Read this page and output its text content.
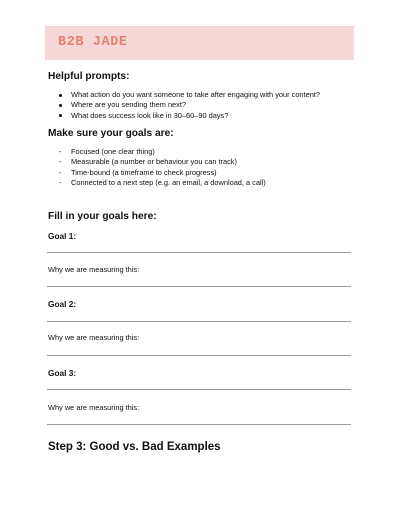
B2B JADE
Helpful prompts:
What action do you want someone to take after engaging with your content?
Where are you sending them next?
What does success look like in 30–60–90 days?
Make sure your goals are:
- Focused (one clear thing)
- Measurable (a number or behaviour you can track)
- Time-bound (a timeframe to check progress)
- Connected to a next step (e.g. an email, a download, a call)
Fill in your goals here:
Goal 1:
Why we are measuring this:
Goal 2:
Why we are measuring this:
Goal 3:
Why we are measuring this:
Step 3: Good vs. Bad Examples
